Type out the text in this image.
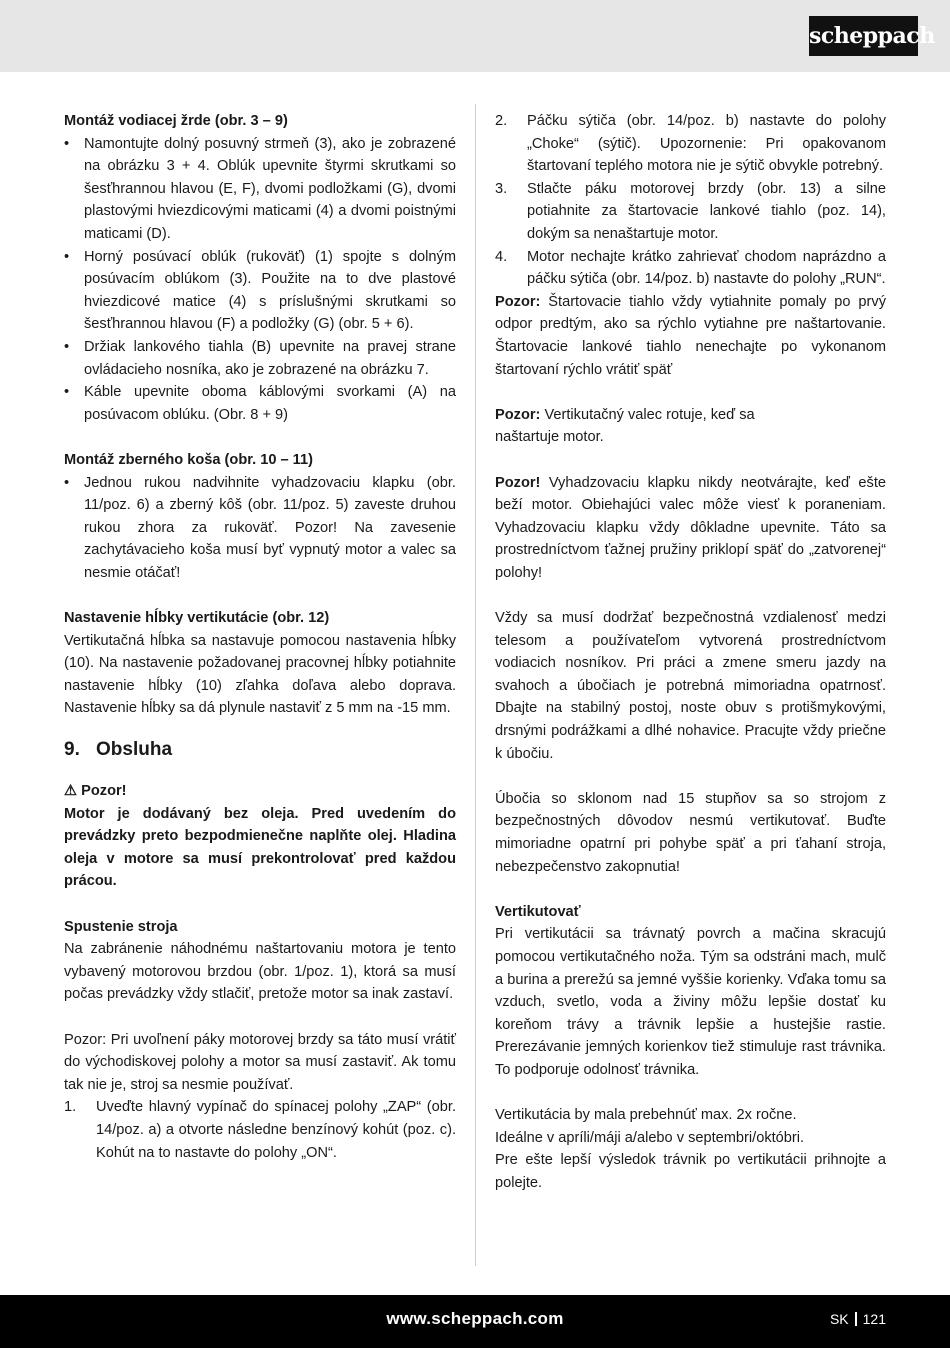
scheppach

Montáž vodiacej žrde (obr. 3 – 9)

• Namontujte dolný posuvný strmeň (3), ako je zobrazené na obrázku 3 + 4. Oblúk upevnite štyrmi skrutkami so šesťhrannou hlavou (E, F), dvomi podložkami (G), dvomi plastovými hviezdicovými maticami (4) a dvomi poistnými maticami (D).
• Horný posúvací oblúk (rukoväť) (1) spojte s dolným posúvacím oblúkom (3). Použite na to dve plastové hviezdicové matice (4) s príslušnými skrutkami so šesťhrannou hlavou (F) a podložky (G) (obr. 5 + 6).
• Držiak lankového tiahla (B) upevnite na pravej strane ovládacieho nosníka, ako je zobrazené na obrázku 7.
• Káble upevnite oboma káblovými svorkami (A) na posúvacom oblúku. (Obr. 8 + 9)

Montáž zberného koša (obr. 10 – 11)

• Jednou rukou nadvihnite vyhadzovaciu klapku (obr. 11/poz. 6) a zberný kôš (obr. 11/poz. 5) zaveste druhou rukou zhora za rukoväť. Pozor! Na zavesenie zachytávacieho koša musí byť vypnutý motor a valec sa nesmie otáčať!

Nastavenie hĺbky vertikutácie (obr. 12)

Vertikutačná hĺbka sa nastavuje pomocou nastavenia hĺbky (10). Na nastavenie požadovanej pracovnej hĺbky potiahnite nastavenie hĺbky (10) zľahka doľava alebo doprava. Nastavenie hĺbky sa dá plynule nastaviť z 5 mm na -15 mm.

9. Obsluha

⚠ Pozor!

Motor je dodávaný bez oleja. Pred uvedením do prevádzky preto bezpodmienečne naplňte olej. Hladina oleja v motore sa musí prekontrolovať pred každou prácou.

Spustenie stroja

Na zabránenie náhodnému naštartovaniu motora je tento vybavený motorovou brzdou (obr. 1/poz. 1), ktorá sa musí počas prevádzky vždy stlačiť, pretože motor sa inak zastaví.

Pozor: Pri uvoľnení páky motorovej brzdy sa táto musí vrátiť do východiskovej polohy a motor sa musí zastaviť. Ak tomu tak nie je, stroj sa nesmie používať.

1. Uveďte hlavný vypínač do spínacej polohy „ZAP“ (obr. 14/poz. a) a otvorte následne benzínový kohút (poz. c). Kohút na to nastavte do polohy „ON“.
2. Páčku sýtiča (obr. 14/poz. b) nastavte do polohy „Choke“ (sýtič). Upozornenie: Pri opakovanom štartovaní teplého motora nie je sýtič obvykle potrebný.
3. Stlačte páku motorovej brzdy (obr. 13) a silne potiahnite za štartovacie lankové tiahlo (poz. 14), dokým sa nenaštartuje motor.
4. Motor nechajte krátko zahrievať chodom naprázdno a páčku sýtiča (obr. 14/poz. b) nastavte do polohy „RUN“.

Pozor: Štartovacie tiahlo vždy vytiahnite pomaly po prvý odpor predtým, ako sa rýchlo vytiahne pre naštartovanie. Štartovacie lankové tiahlo nenechajte po vykonanom štartovaní rýchlo vrátiť späť

Pozor: Vertikutačný valec rotuje, keď sa
naštartuje motor.

Pozor! Vyhadzovaciu klapku nikdy neotvárajte, keď ešte beží motor. Obiehajúci valec môže viesť k poraneniam. Vyhadzovaciu klapku vždy dôkladne upevnite. Táto sa prostredníctvom ťažnej pružiny priklopí späť do „zatvorenej“ polohy!

Vždy sa musí dodržať bezpečnostná vzdialenosť medzi telesom a používateľom vytvorená prostredníctvom vodiacich nosníkov. Pri práci a zmene smeru jazdy na svahoch a úbočiach je potrebná mimoriadna opatrnosť. Dbajte na stabilný postoj, noste obuv s protišmykovými, drsnými podrážkami a dlhé nohavice. Pracujte vždy priečne k úbočiu.

Úbočia so sklonom nad 15 stupňov sa so strojom z bezpečnostných dôvodov nesmú vertikutovať. Buďte mimoriadne opatrní pri pohybe späť a pri ťahaní stroja, nebezpečenstvo zakopnutia!

Vertikutovať

Pri vertikutácii sa trávnatý povrch a mačina skracujú pomocou vertikutačného noža. Tým sa odstráni mach, mulč a burina a prerežú sa jemné vyššie korienky. Vďaka tomu sa vzduch, svetlo, voda a živiny môžu lepšie dostať ku koreňom trávy a trávnik lepšie a hustejšie rastie. Prerezávanie jemných korienkov tiež stimuluje rast trávnika. To podporuje odolnosť trávnika.

Vertikutácia by mala prebehnúť max. 2x ročne.

Ideálne v apríli/máji a/alebo v septembri/októbri.

Pre ešte lepší výsledok trávnik po vertikutácii prihnojte a polejte.

www.scheppach.com	SK 121
